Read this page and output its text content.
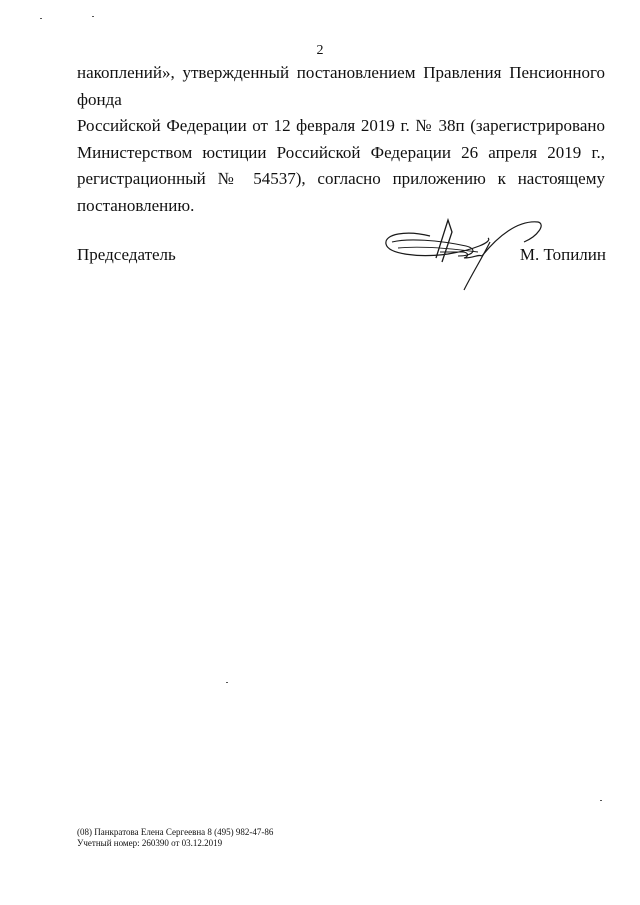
2
накоплений», утвержденный постановлением Правления Пенсионного фонда
Российской Федерации от 12 февраля 2019 г. № 38п (зарегистрировано
Министерством юстиции Российской Федерации 26 апреля 2019 г.,
регистрационный № 54537), согласно приложению к настоящему
постановлению.
Председатель	М. Топилин
(08) Панкратова Елена Сергеевна 8 (495) 982-47-86
Учетный номер: 260390 от 03.12.2019
